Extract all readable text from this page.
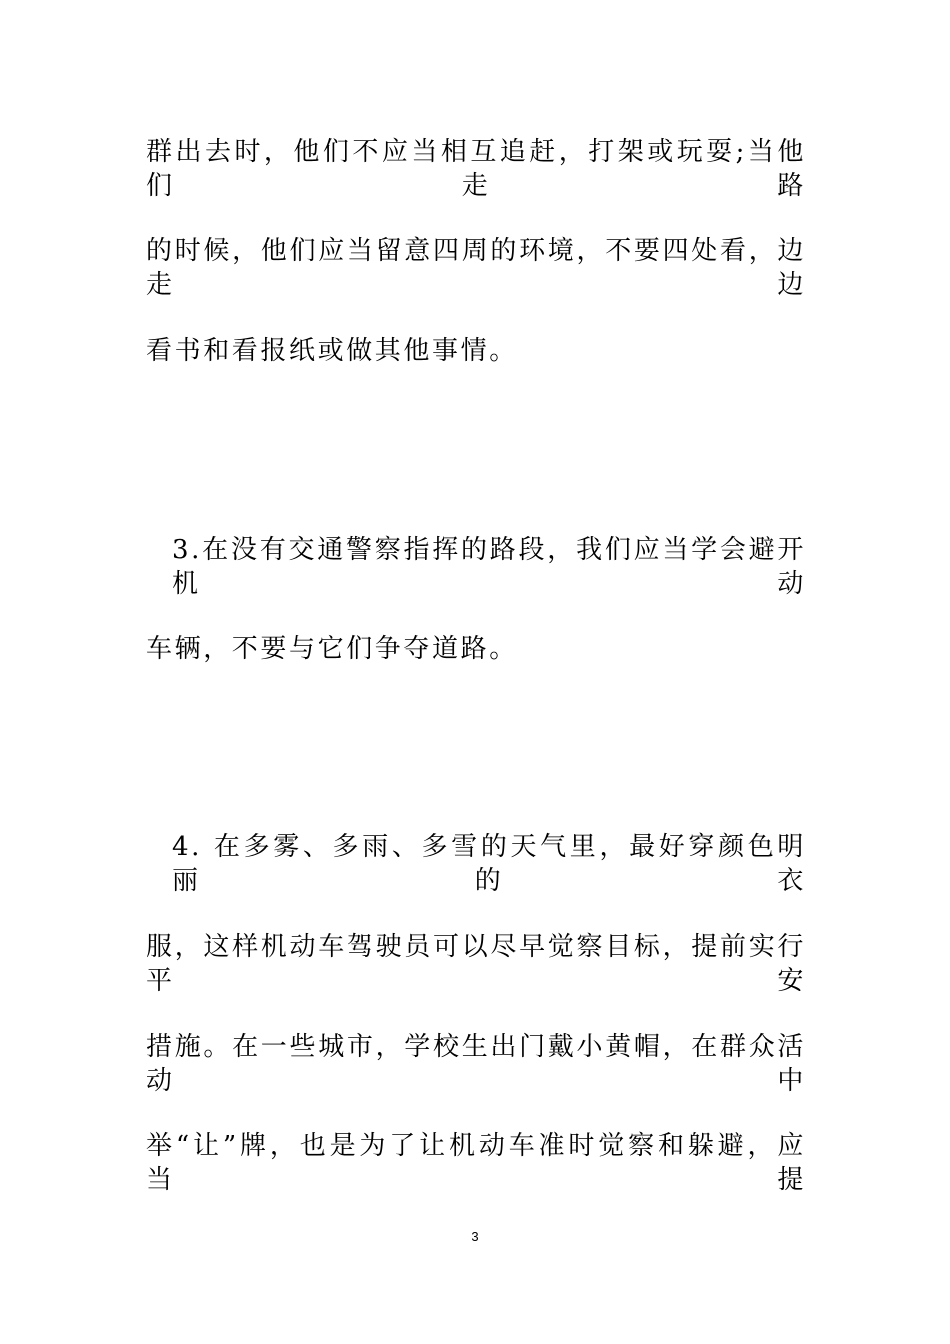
群出去时，他们不应当相互追赶，打架或玩耍;当他们走路
的时候，他们应当留意四周的环境，不要四处看，边走边
看书和看报纸或做其他事情。
3.在没有交通警察指挥的路段，我们应当学会避开机动
车辆，不要与它们争夺道路。
4. 在多雾、多雨、多雪的天气里，最好穿颜色明丽的衣
服，这样机动车驾驶员可以尽早觉察目标，提前实行平安
措施。在一些城市，学校生出门戴小黄帽，在群众活动中
举“让”牌，也是为了让机动车准时觉察和躲避，应当提
3
